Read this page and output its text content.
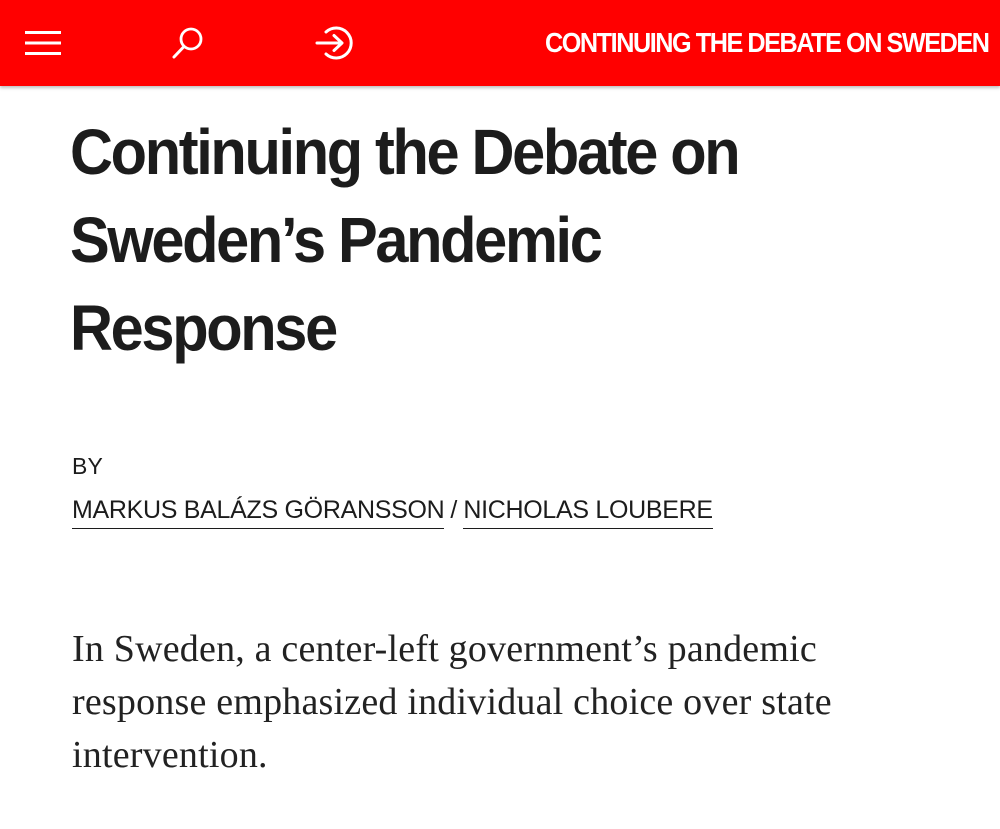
CONTINUING THE DEBATE ON SWEDEN
Continuing the Debate on Sweden’s Pandemic Response
BY
MARKUS BALÁZS GÖRANSSON / NICHOLAS LOUBERE

In Sweden, a center-left government’s pandemic response emphasized individual choice over state intervention.
